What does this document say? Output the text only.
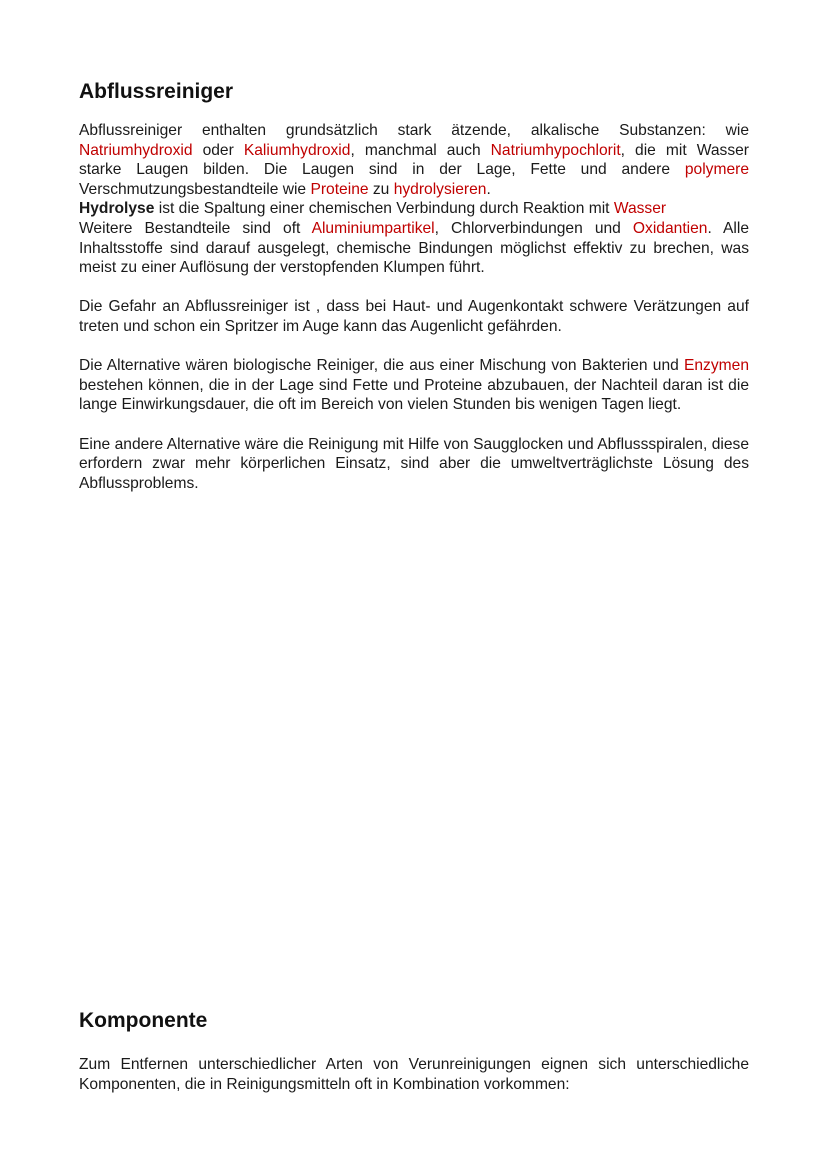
Abflussreiniger

Abflussreiniger enthalten grundsätzlich stark ätzende, alkalische Substanzen: wie Natriumhydroxid oder Kaliumhydroxid, manchmal auch Natriumhypochlorit, die mit Wasser starke Laugen bilden. Die Laugen sind in der Lage, Fette und andere polymere Verschmutzungsbestandteile wie Proteine zu hydrolysieren.

Hydrolyse ist die Spaltung einer chemischen Verbindung durch Reaktion mit Wasser

Weitere Bestandteile sind oft Aluminiumpartikel, Chlorverbindungen und Oxidantien. Alle Inhaltsstoffe sind darauf ausgelegt, chemische Bindungen möglichst effektiv zu brechen, was meist zu einer Auflösung der verstopfenden Klumpen führt.

Die Gefahr an Abflussreiniger ist , dass bei Haut- und Augenkontakt schwere Verätzungen auf treten und schon ein Spritzer im Auge kann das Augenlicht gefährden.

Die Alternative wären biologische Reiniger, die aus einer Mischung von Bakterien und Enzymen bestehen können, die in der Lage sind Fette und Proteine abzubauen, der Nachteil daran ist die lange Einwirkungsdauer, die oft im Bereich von vielen Stunden bis wenigen Tagen liegt.

Eine andere Alternative wäre die Reinigung mit Hilfe von Saugglocken und Abflussspiralen, diese erfordern zwar mehr körperlichen Einsatz, sind aber die umweltverträglichste Lösung des Abflussproblems.

Komponente

Zum Entfernen unterschiedlicher Arten von Verunreinigungen eignen sich unterschiedliche Komponenten, die in Reinigungsmitteln oft in Kombination vorkommen:
